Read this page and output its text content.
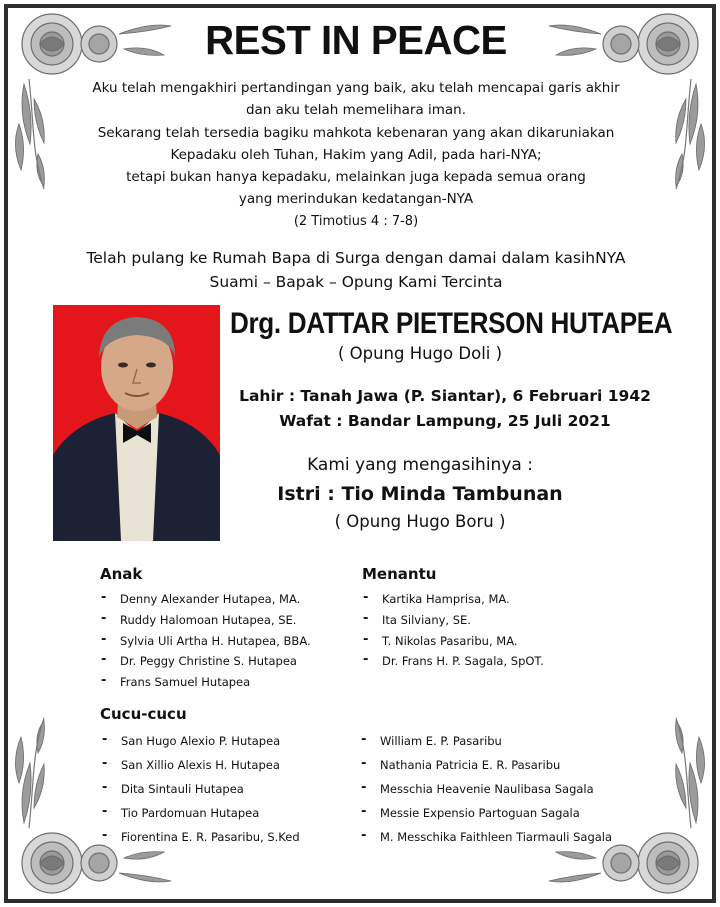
REST IN PEACE
Aku telah mengakhiri pertandingan yang baik, aku telah mencapai garis akhir
dan aku telah memelihara iman.
Sekarang telah tersedia bagiku mahkota kebenaran yang akan dikaruniakan
Kepadaku oleh Tuhan, Hakim yang Adil, pada hari-NYA;
tetapi bukan hanya kepadaku, melainkan juga kepada semua orang
yang merindukan kedatangan-NYA
(2 Timotius 4 : 7-8)
Telah pulang ke Rumah Bapa di Surga dengan damai dalam kasihNYA
Suami – Bapak – Opung Kami Tercinta
Drg. DATTAR PIETERSON HUTAPEA
( Opung Hugo Doli )
Lahir : Tanah Jawa (P. Siantar), 6 Februari 1942
Wafat : Bandar Lampung, 25 Juli 2021
Kami yang mengasihinya :
Istri : Tio Minda Tambunan
( Opung Hugo Boru )
Anak
- Denny Alexander Hutapea, MA.
- Ruddy Halomoan Hutapea, SE.
- Sylvia Uli Artha H. Hutapea, BBA.
- Dr. Peggy Christine S. Hutapea
- Frans Samuel Hutapea
Menantu
- Kartika Hamprisa, MA.
- Ita Silviany, SE.
- T. Nikolas Pasaribu, MA.
- Dr. Frans H. P. Sagala, SpOT.
Cucu-cucu
- San Hugo Alexio P. Hutapea
- San Xillio Alexis H. Hutapea
- Dita Sintauli Hutapea
- Tio Pardomuan Hutapea
- Fiorentina E. R. Pasaribu, S.Ked
- William E. P. Pasaribu
- Nathania Patricia E. R. Pasaribu
- Messchia Heavenie Naulibasa Sagala
- Messie Expensio Partoguan Sagala
- M. Messchika Faithleen Tiarmauli Sagala
